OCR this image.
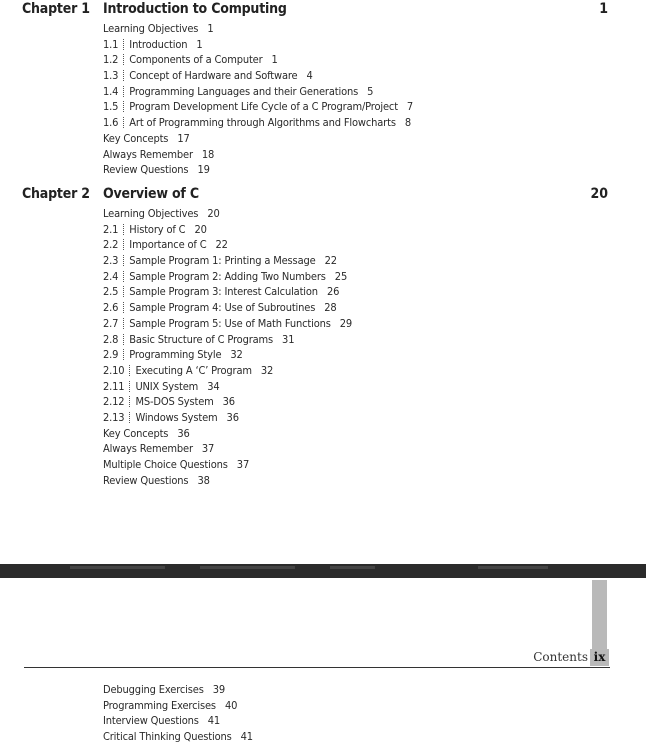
Chapter 1 Introduction to Computing	1
Learning Objectives 1
1.1 Introduction 1
1.2 Components of a Computer 1
1.3 Concept of Hardware and Software 4
1.4 Programming Languages and their Generations 5
1.5 Program Development Life Cycle of a C Program/Project 7
1.6 Art of Programming through Algorithms and Flowcharts 8
Key Concepts 17
Always Remember 18
Review Questions 19
Chapter 2 Overview of C	20
Learning Objectives 20
2.1 History of C 20
2.2 Importance of C 22
2.3 Sample Program 1: Printing a Message 22
2.4 Sample Program 2: Adding Two Numbers 25
2.5 Sample Program 3: Interest Calculation 26
2.6 Sample Program 4: Use of Subroutines 28
2.7 Sample Program 5: Use of Math Functions 29
2.8 Basic Structure of C Programs 31
2.9 Programming Style 32
2.10 Executing A ‘C’ Program 32
2.11 UNIX System 34
2.12 MS-DOS System 36
2.13 Windows System 36
Key Concepts 36
Always Remember 37
Multiple Choice Questions 37
Review Questions 38
Contents ix
Debugging Exercises 39
Programming Exercises 40
Interview Questions 41
Critical Thinking Questions 41
